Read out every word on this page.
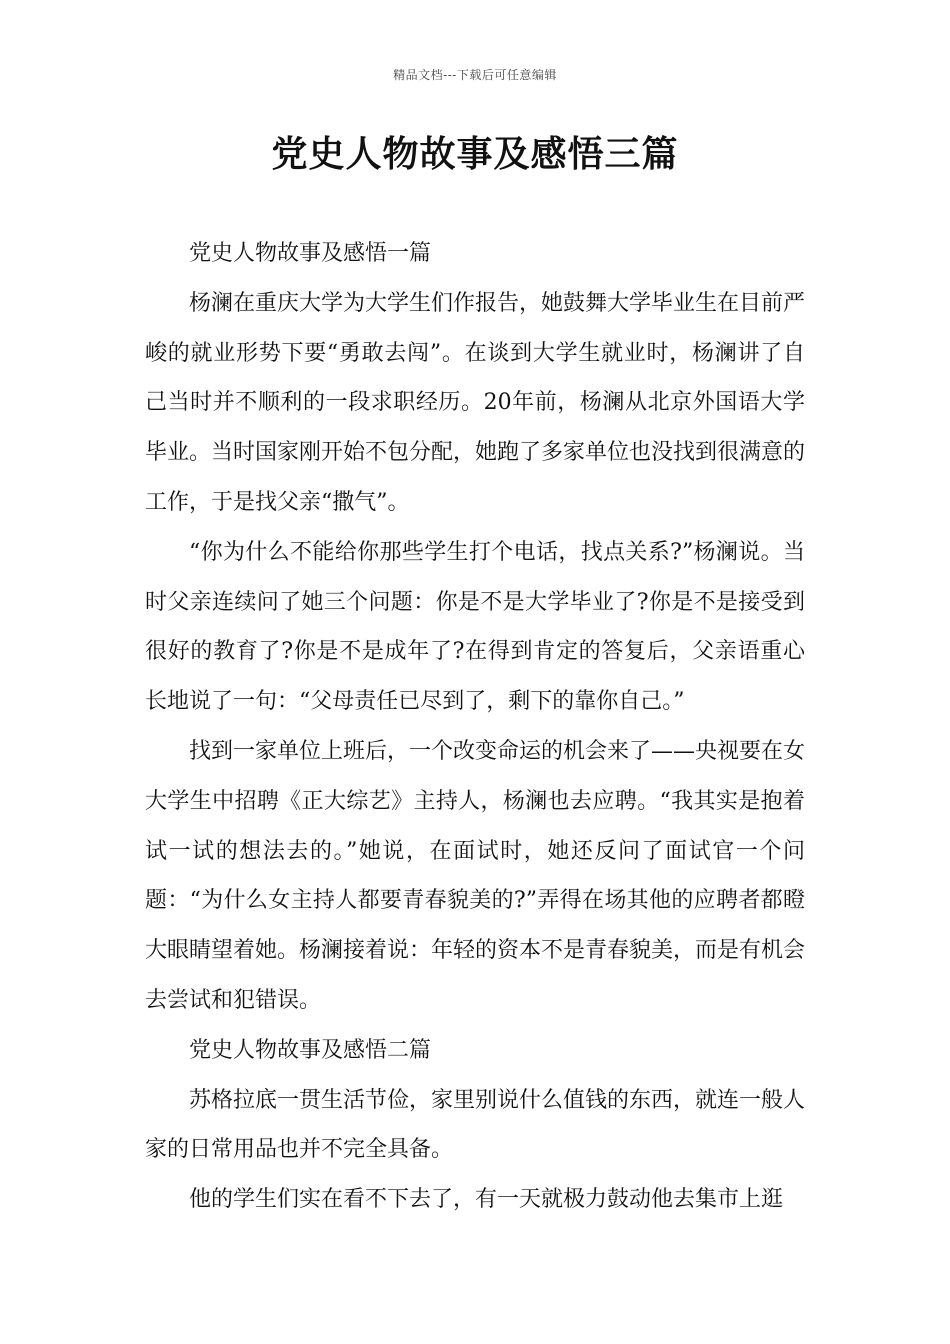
精品文档---下载后可任意编辑
党史人物故事及感悟三篇

党史人物故事及感悟一篇

杨澜在重庆大学为大学生们作报告，她鼓舞大学毕业生在目前严峻的就业形势下要“勇敢去闯”。在谈到大学生就业时，杨澜讲了自己当时并不顺利的一段求职经历。20年前，杨澜从北京外国语大学毕业。当时国家刚开始不包分配，她跑了多家单位也没找到很满意的工作，于是找父亲“撒气”。

“你为什么不能给你那些学生打个电话，找点关系?”杨澜说。当时父亲连续问了她三个问题：你是不是大学毕业了?你是不是接受到很好的教育了?你是不是成年了?在得到肯定的答复后，父亲语重心长地说了一句：“父母责任已尽到了，剩下的靠你自己。”

找到一家单位上班后，一个改变命运的机会来了——央视要在女大学生中招聘《正大综艺》主持人，杨澜也去应聘。“我其实是抱着试一试的想法去的。”她说，在面试时，她还反问了面试官一个问题：“为什么女主持人都要青春貌美的?”弄得在场其他的应聘者都瞪大眼睛望着她。杨澜接着说：年轻的资本不是青春貌美，而是有机会去尝试和犯错误。

党史人物故事及感悟二篇

苏格拉底一贯生活节俭，家里别说什么值钱的东西，就连一般人家的日常用品也并不完全具备。

他的学生们实在看不下去了，有一天就极力鼓动他去集市上逛
